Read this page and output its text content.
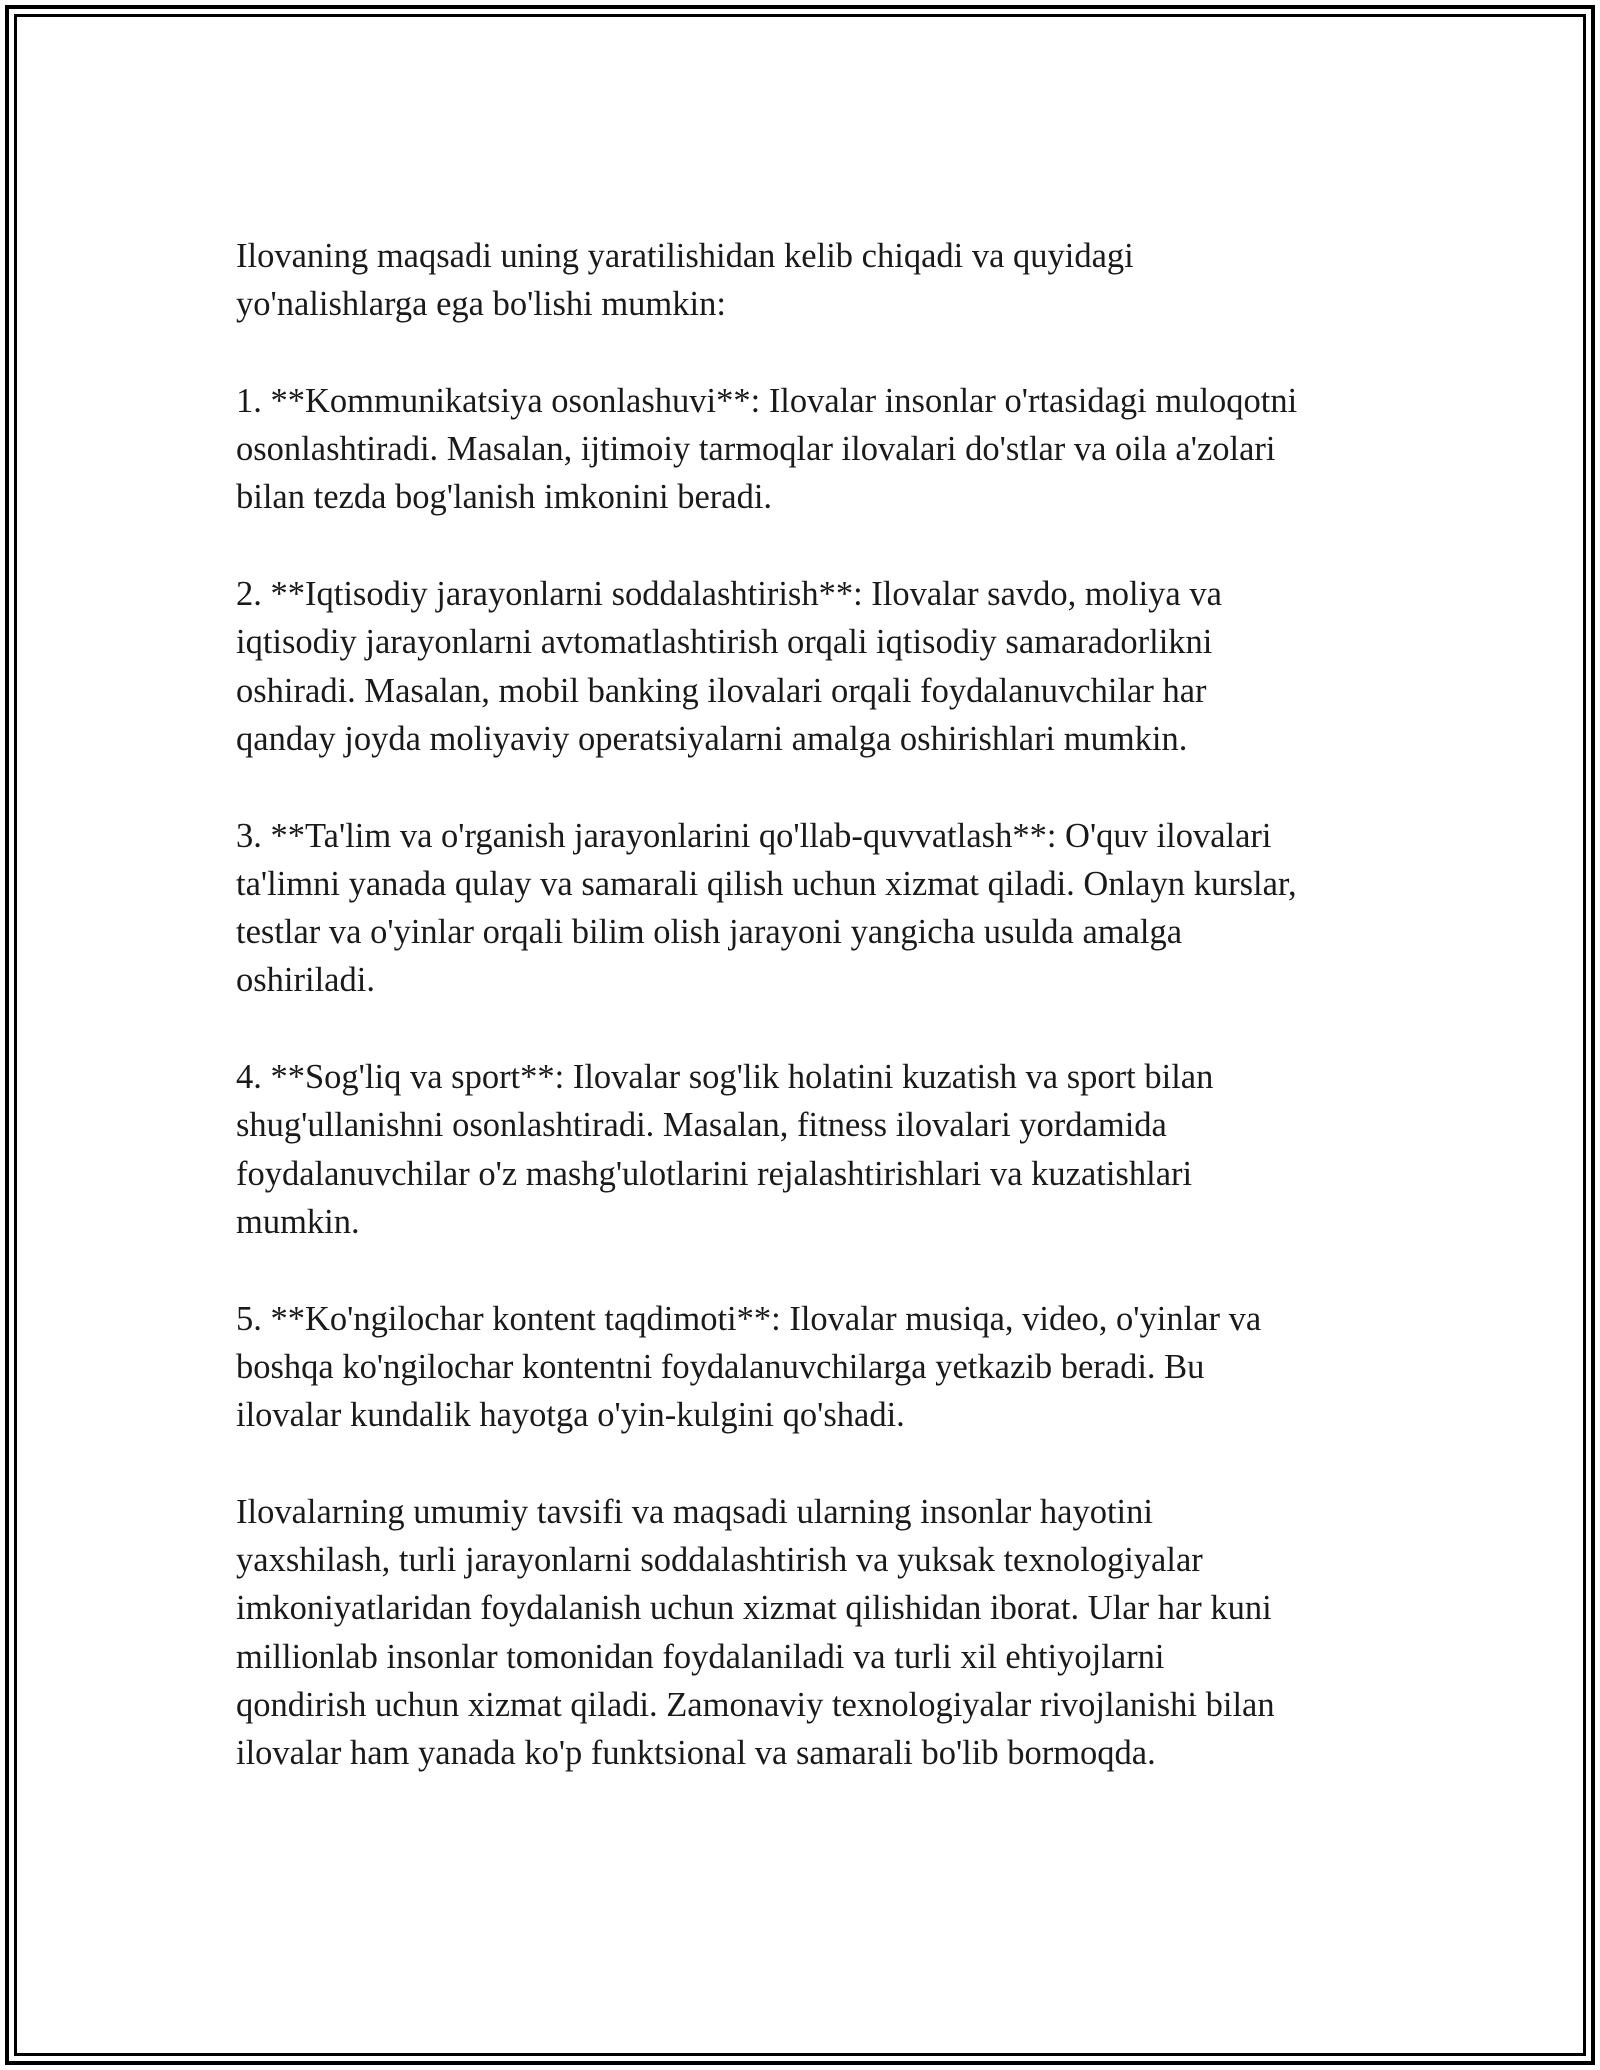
Ilovaning maqsadi uning yaratilishidan kelib chiqadi va quyidagi
yo'nalishlarga ega bo'lishi mumkin:

1. **Kommunikatsiya osonlashuvi**: Ilovalar insonlar o'rtasidagi muloqotni
osonlashtiradi. Masalan, ijtimoiy tarmoqlar ilovalari do'stlar va oila a'zolari
bilan tezda bog'lanish imkonini beradi.

2. **Iqtisodiy jarayonlarni soddalashtirish**: Ilovalar savdo, moliya va
iqtisodiy jarayonlarni avtomatlashtirish orqali iqtisodiy samaradorlikni
oshiradi. Masalan, mobil banking ilovalari orqali foydalanuvchilar har
qanday joyda moliyaviy operatsiyalarni amalga oshirishlari mumkin.

3. **Ta'lim va o'rganish jarayonlarini qo'llab-quvvatlash**: O'quv ilovalari
ta'limni yanada qulay va samarali qilish uchun xizmat qiladi. Onlayn kurslar,
testlar va o'yinlar orqali bilim olish jarayoni yangicha usulda amalga
oshiriladi.

4. **Sog'liq va sport**: Ilovalar sog'lik holatini kuzatish va sport bilan
shug'ullanishni osonlashtiradi. Masalan, fitness ilovalari yordamida
foydalanuvchilar o'z mashg'ulotlarini rejalashtirishlari va kuzatishlari
mumkin.

5. **Ko'ngilochar kontent taqdimoti**: Ilovalar musiqa, video, o'yinlar va
boshqa ko'ngilochar kontentni foydalanuvchilarga yetkazib beradi. Bu
ilovalar kundalik hayotga o'yin-kulgini qo'shadi.

Ilovalarning umumiy tavsifi va maqsadi ularning insonlar hayotini
yaxshilash, turli jarayonlarni soddalashtirish va yuksak texnologiyalar
imkoniyatlaridan foydalanish uchun xizmat qilishidan iborat. Ular har kuni
millionlab insonlar tomonidan foydalaniladi va turli xil ehtiyojlarni
qondirish uchun xizmat qiladi. Zamonaviy texnologiyalar rivojlanishi bilan
ilovalar ham yanada ko'p funktsional va samarali bo'lib bormoqda.
